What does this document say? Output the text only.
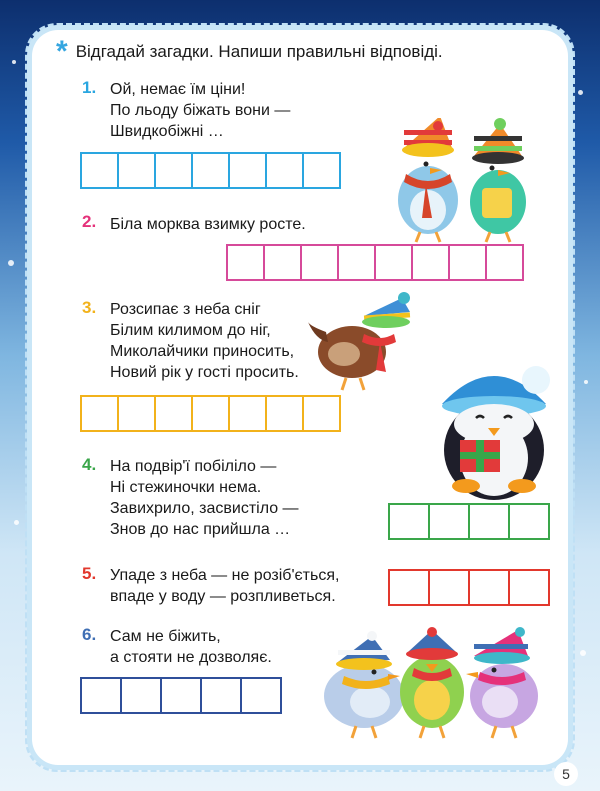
* Відгадай загадки. Напиши правильні відповіді.
1. Ой, немає їм ціни!
По льоду біжать вони —
Швидкобіжні …
2. Біла морква взимку росте.
3. Розсипає з неба сніг
Білим килимом до ніг,
Миколайчики приносить,
Новий рік у гості просить.
4. На подвір'ї побіліло —
Ні стежиночки нема.
Завихрило, засвистіло —
Знов до нас прийшла …
5. Упаде з неба — не розіб'ється,
впаде у воду — розпливеться.
6. Сам не біжить,
а стояти не дозволяє.
5
